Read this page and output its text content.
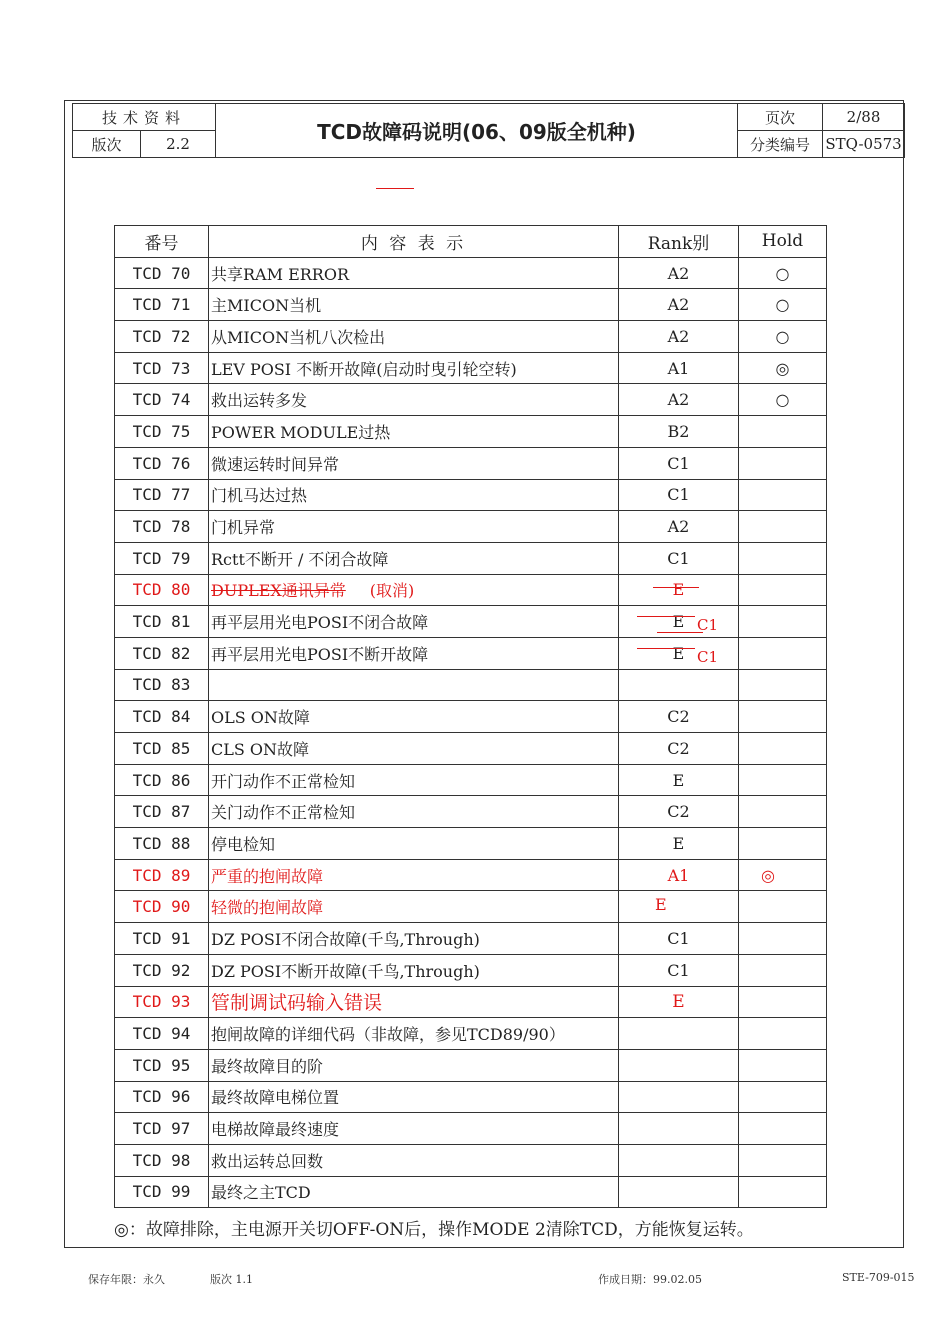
技术资料		TCD故障码说明(06、09版全机种)	页次	2/88
版次	2.2		分类编号	STQ-0573
番号	内 容 表 示	Rank别	Hold
TCD 70	共享RAM ERROR	A2	○
TCD 71	主MICON当机	A2	○
TCD 72	从MICON当机八次检出	A2	○
TCD 73	LEV POSI 不断开故障(启动时曳引轮空转)	A1	◎
TCD 74	救出运转多发	A2	○
TCD 75	POWER MODULE过热	B2	
TCD 76	微速运转时间异常	C1	
TCD 77	门机马达过热	C1	
TCD 78	门机异常	A2	
TCD 79	Rctt不断开 / 不闭合故障	C1	
TCD 80	DUPLEX通讯异常 (取消)	E

TCD 81	再平层用光电POSI不闭合故障	E C1	

TCD 82	再平层用光电POSI不断开故障	E C1	

TCD 83			
TCD 84	OLS ON故障	C2	
TCD 85	CLS ON故障	C2	
TCD 86	开门动作不正常检知	E	
TCD 87	关门动作不正常检知	C2	
TCD 88	停电检知	E	
TCD 89	严重的抱闸故障	A1	◎
TCD 90	轻微的抱闸故障	E	

TCD 91	DZ POSI不闭合故障(千鸟,Through)	C1	
TCD 92	DZ POSI不断开故障(千鸟,Through)	C1	
TCD 93	管制调试码输入错误	E	
TCD 94	抱闸故障的详细代码（非故障，参见TCD89/90）		
TCD 95	最终故障目的阶		
TCD 96	最终故障电梯位置		
TCD 97	电梯故障最终速度		
TCD 98	救出运转总回数		
TCD 99	最终之主TCD		
◎：故障排除，主电源开关切OFF-ON后，操作MODE 2清除TCD，方能恢复运转。
保存年限：永久	版次 1.1	作成日期：99.02.05	STE-709-015
